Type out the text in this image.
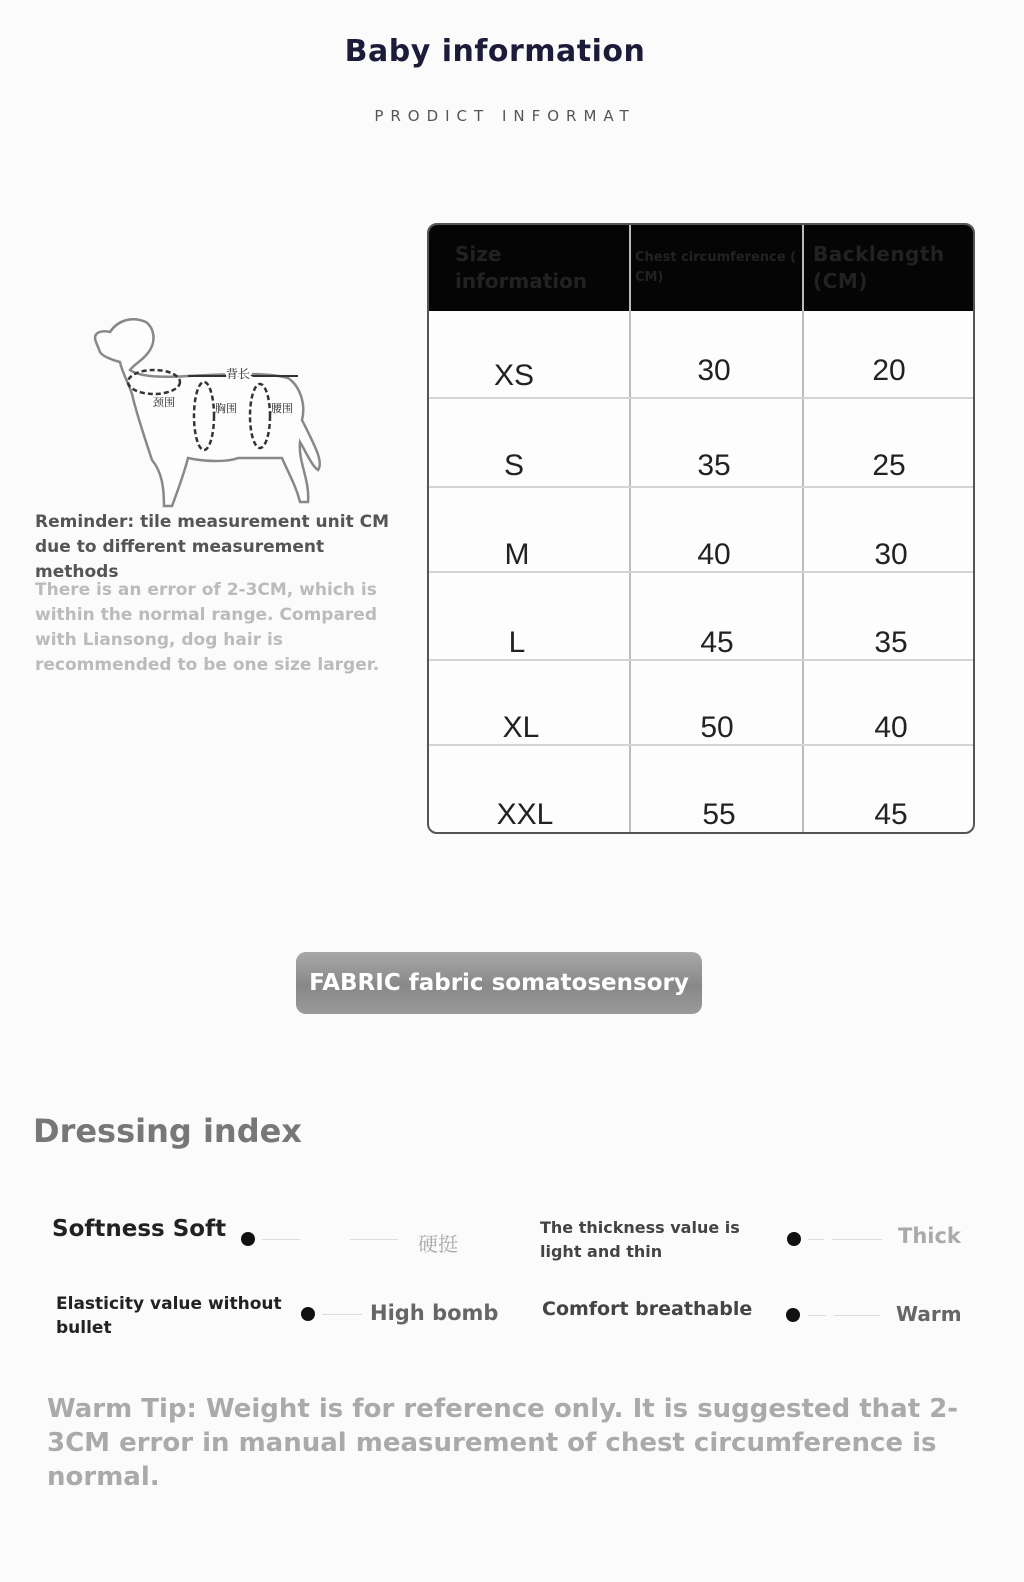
Baby information
PRODICT INFORMAT
背长
颈围	胸围	腰围
Reminder: tile measurement unit CM due to different measurement methods
There is an error of 2-3CM, which is within the normal range. Compared with Liansong, dog hair is recommended to be one size larger.
Size information
Chest circumference ( CM)
Backlength (CM)
XS	30	20
S	35	25
M	40	30
L	45	35
XL	50	40
XXL	55	45
FABRIC fabric somatosensory
Dressing index
Softness Soft
硬挺
The thickness value is light and thin
Thick
Elasticity value without bullet
High bomb Comfort breathable	Warm
Warm Tip: Weight is for reference only. It is suggested that 2-3CM error in manual measurement of chest circumference is normal.
